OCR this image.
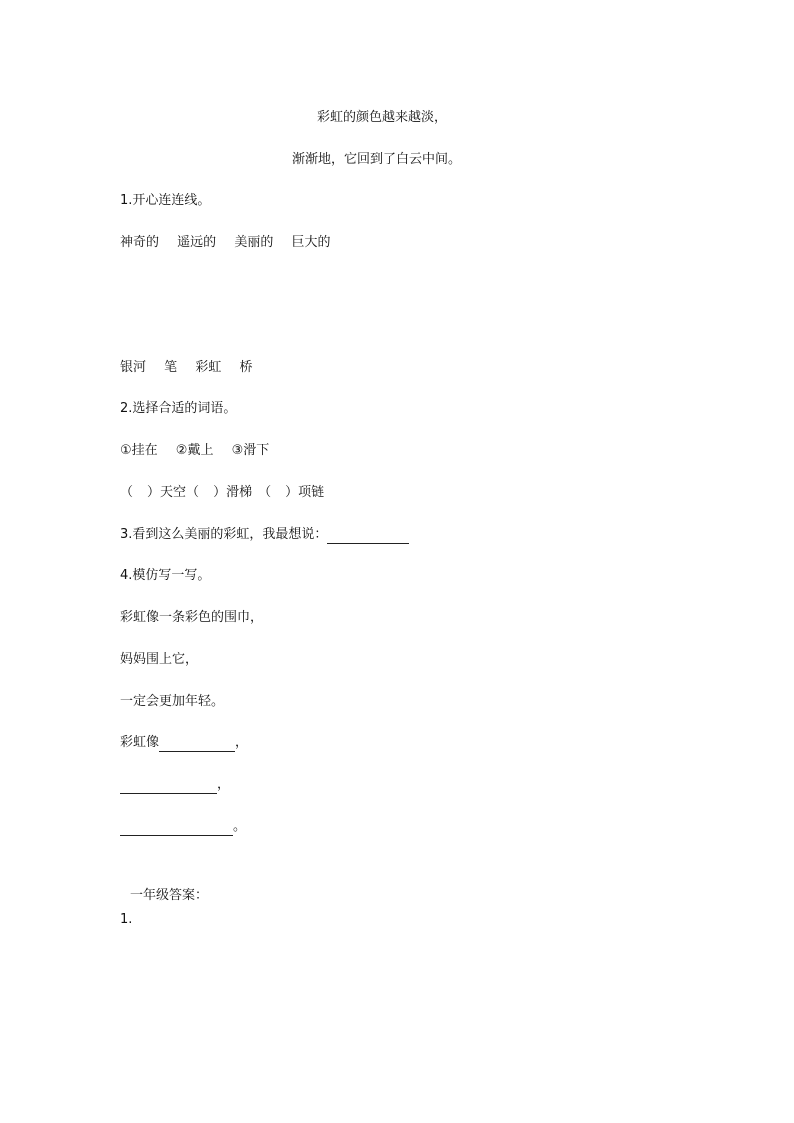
彩虹的颜色越来越淡，
渐渐地，它回到了白云中间。
1.开心连连线。
神奇的 遥远的 美丽的 巨大的
银河 笔 彩虹 桥
2.选择合适的词语。
①挂在 ②戴上 ③滑下
（ ）天空（ ）滑梯 （ ）项链
3.看到这么美丽的彩虹，我最想说：
4.模仿写一写。
彩虹像一条彩色的围巾，
妈妈围上它，
一定会更加年轻。
彩虹像	，
，
。
一年级答案：
1.
